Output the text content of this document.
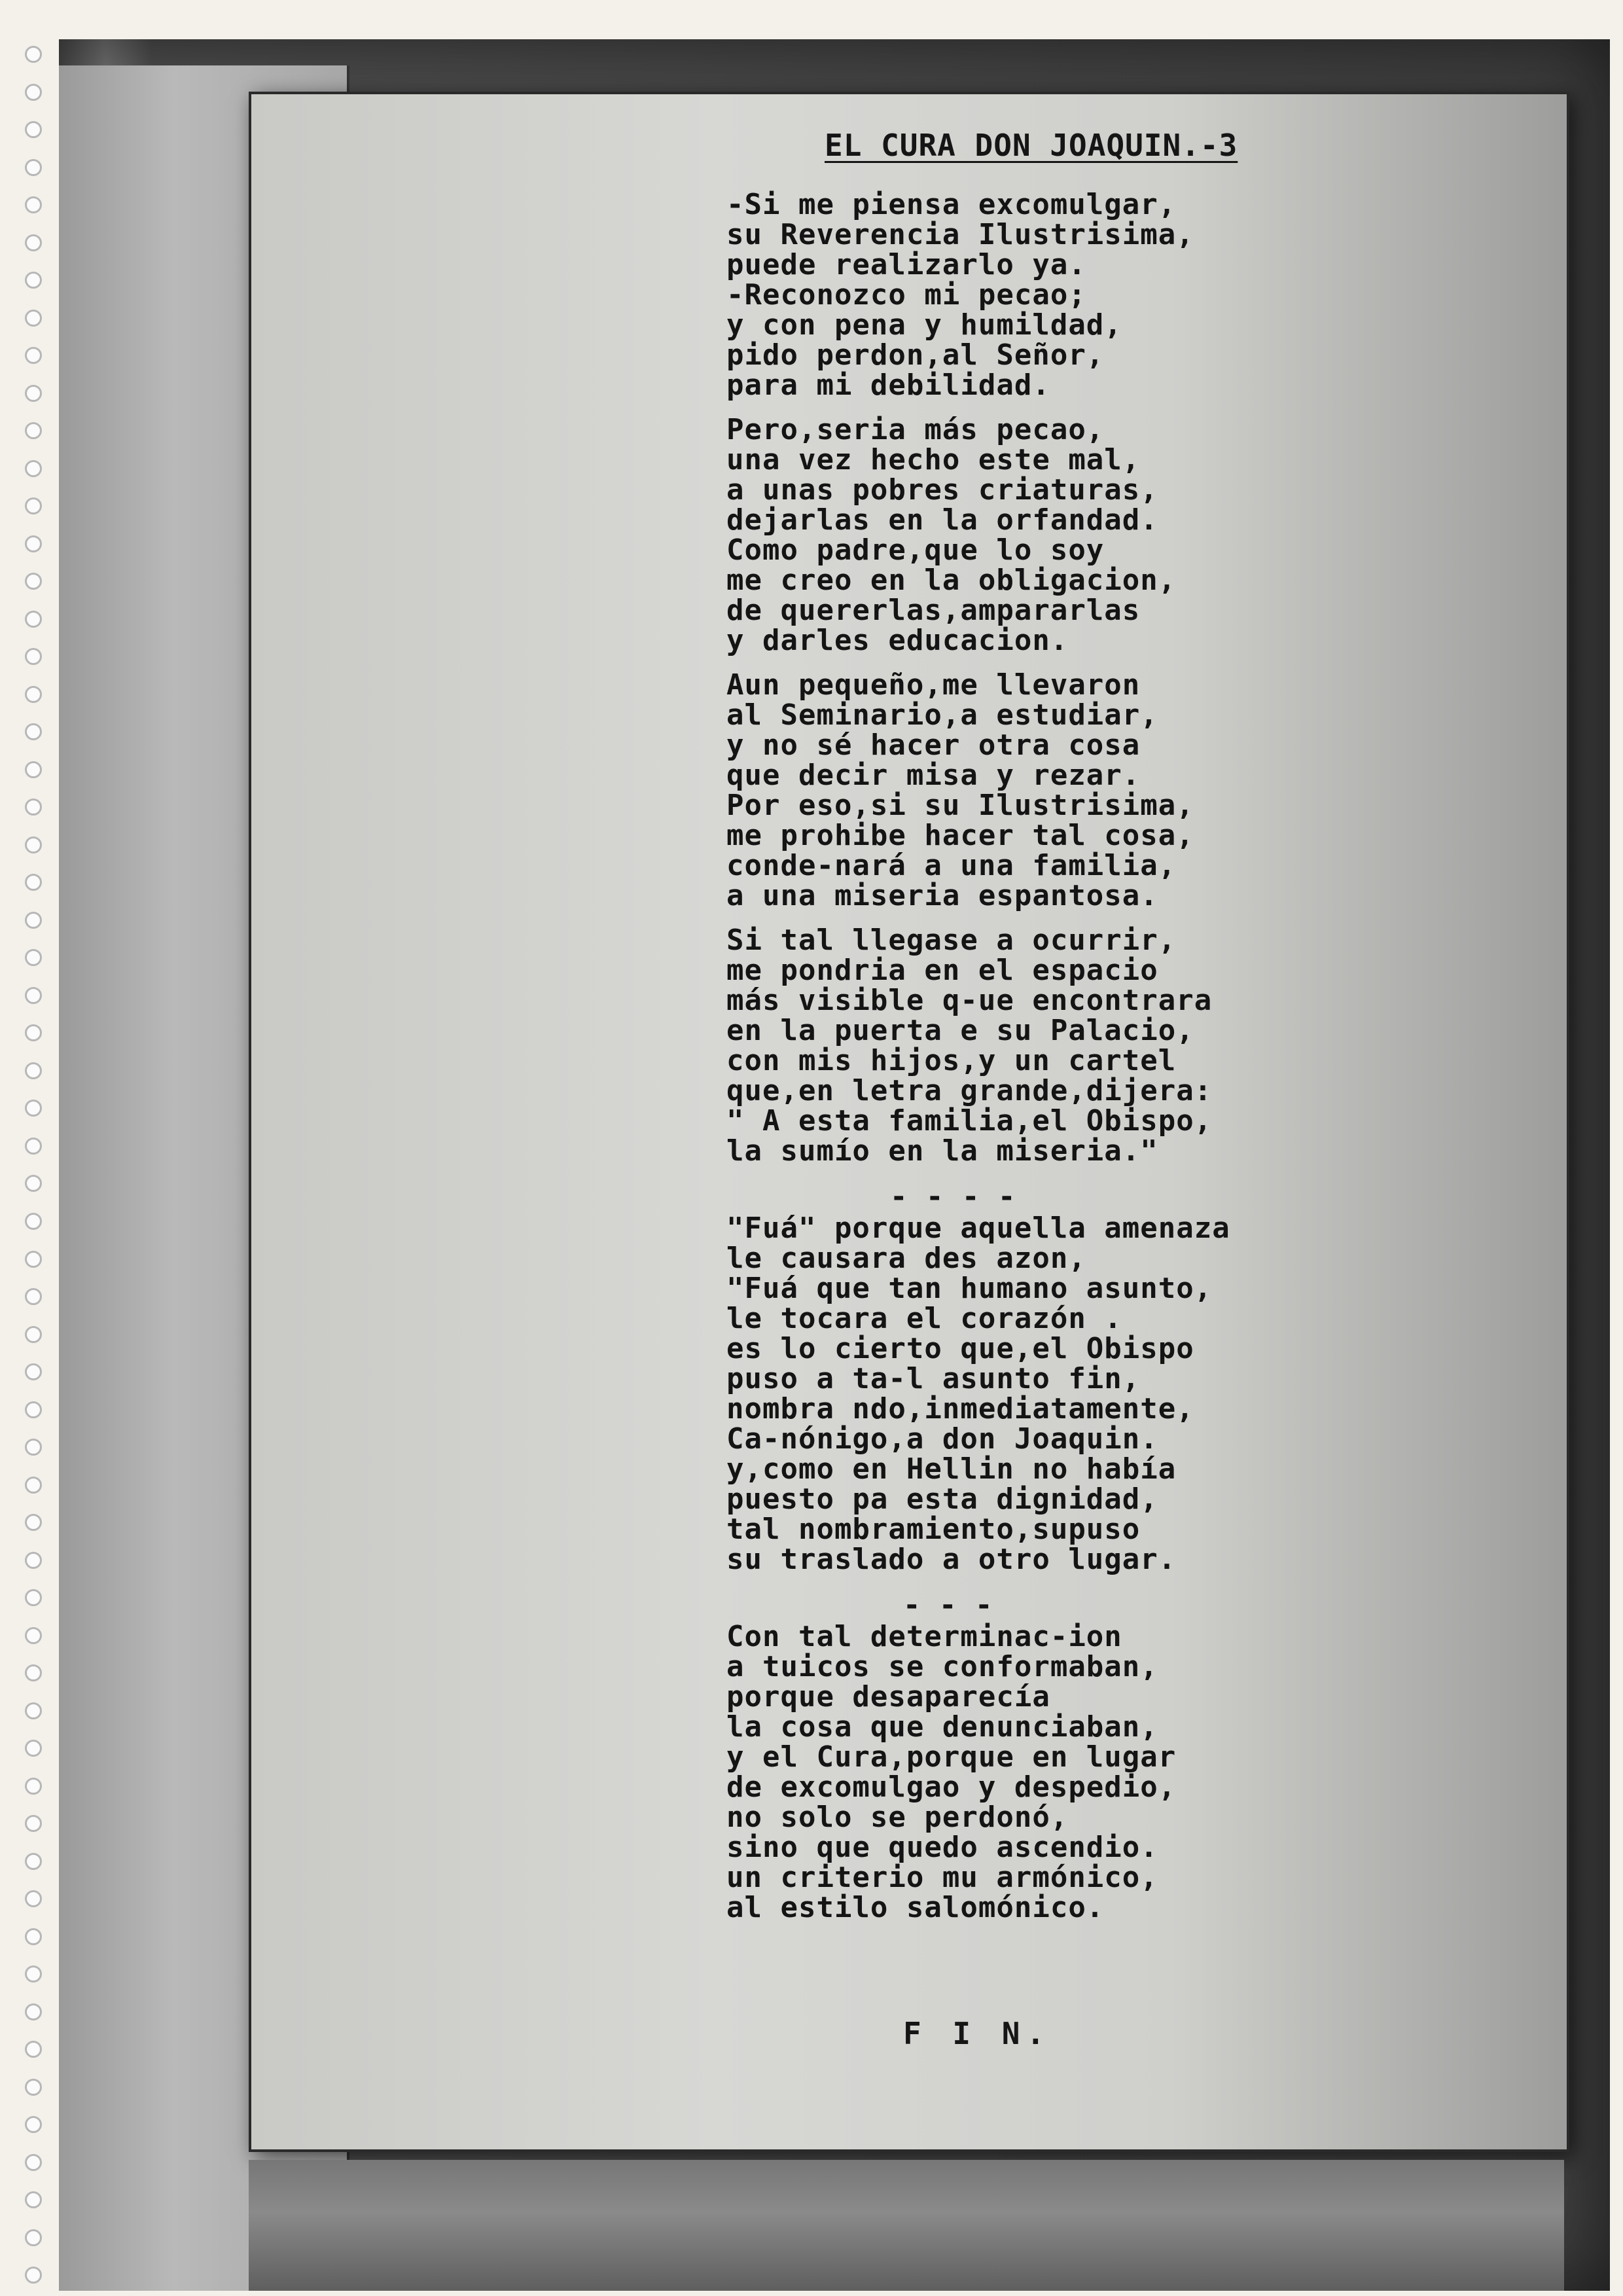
EL CURA DON JOAQUIN.-3
-Si me piensa excomulgar,
su Reverencia Ilustrisima,
puede realizarlo ya.
-Reconozco mi pecao;
y con pena y humildad,
pido perdon,al Señor,
para mi debilidad.
Pero,seria más pecao,
una vez hecho este mal,
a unas pobres criaturas,
dejarlas en la orfandad.
Como padre,que lo soy
me creo en la obligacion,
de quererlas,ampararlas
y darles educacion.
Aun pequeño,me llevaron
al Seminario,a estudiar,
y no sé hacer otra cosa
que decir misa y rezar.
Por eso,si su Ilustrisima,
me prohibe hacer tal cosa,
conde-nará a una familia,
a una miseria espantosa.
Si tal llegase a ocurrir,
me pondria en el espacio
más visible q-ue encontrara
en la puerta e su Palacio,
con mis hijos,y un cartel
que,en letra grande,dijera:
" A esta familia,el Obispo,
la sumío en la miseria."
- - - -
"Fuá" porque aquella amenaza
le causara des azon,
"Fuá que tan humano asunto,
le tocara el corazón .
es lo cierto que,el Obispo
puso a ta-l asunto fin,
nombra ndo,inmediatamente,
Ca-nónigo,a don Joaquin.
y,como en Hellin no había
puesto pa esta dignidad,
tal nombramiento,supuso
su traslado a otro lugar.
- - -
Con tal determinac-ion
a tuicos se conformaban,
porque desaparecía
la cosa que denunciaban,
y el Cura,porque en lugar
de excomulgao y despedio,
no solo se perdonó,
sino que quedo ascendio.
un criterio mu armónico,
al estilo salomónico.
F I N.
